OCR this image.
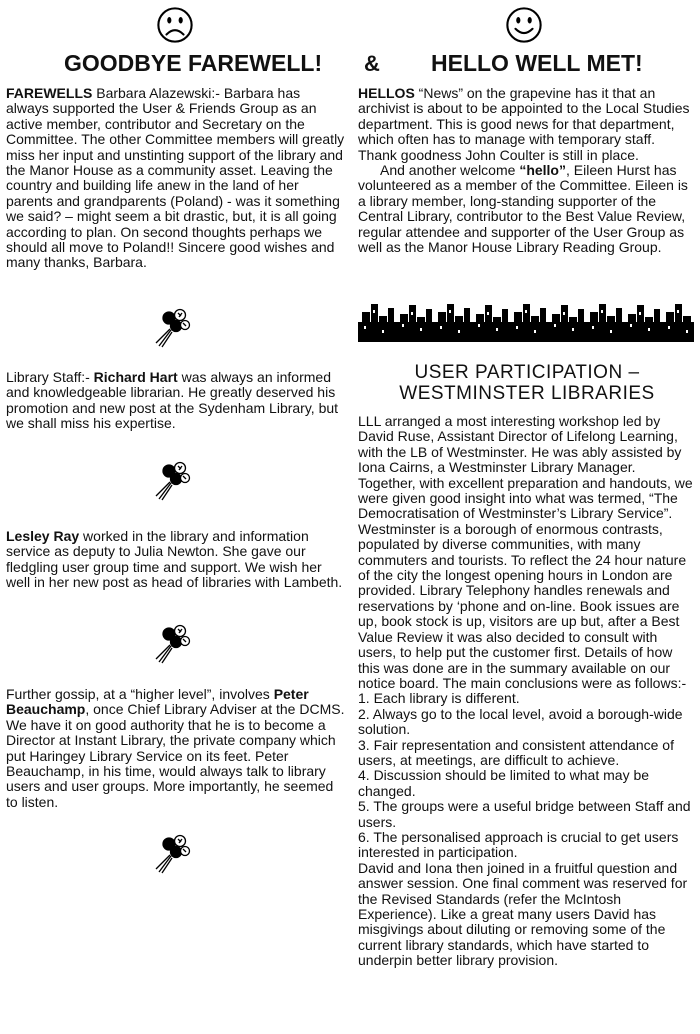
GOODBYE FAREWELL! & HELLO WELL MET!

FAREWELLS Barbara Alazewski:- Barbara has always supported the User & Friends Group as an active member, contributor and Secretary on the Committee. The other Committee members will greatly miss her input and unstinting support of the library and the Manor House as a community asset. Leaving the country and building life anew in the land of her parents and grandparents (Poland) - was it something we said? – might seem a bit drastic, but, it is all going according to plan. On second thoughts perhaps we should all move to Poland!! Sincere good wishes and many thanks, Barbara.

Library Staff:- Richard Hart was always an informed and knowledgeable librarian. He greatly deserved his promotion and new post at the Sydenham Library, but we shall miss his expertise.

Lesley Ray worked in the library and information service as deputy to Julia Newton. She gave our fledgling user group time and support. We wish her well in her new post as head of libraries with Lambeth.

Further gossip, at a “higher level”, involves Peter Beauchamp, once Chief Library Adviser at the DCMS. We have it on good authority that he is to become a Director at Instant Library, the private company which put Haringey Library Service on its feet. Peter Beauchamp, in his time, would always talk to library users and user groups. More importantly, he seemed to listen.

HELLOS “News” on the grapevine has it that an archivist is about to be appointed to the Local Studies department. This is good news for that department, which often has to manage with temporary staff. Thank goodness John Coulter is still in place.

And another welcome “hello”, Eileen Hurst has volunteered as a member of the Committee. Eileen is a library member, long-standing supporter of the Central Library, contributor to the Best Value Review, regular attendee and supporter of the User Group as well as the Manor House Library Reading Group.

USER PARTICIPATION –
WESTMINSTER LIBRARIES

LLL arranged a most interesting workshop led by David Ruse, Assistant Director of Lifelong Learning, with the LB of Westminster. He was ably assisted by Iona Cairns, a Westminster Library Manager. Together, with excellent preparation and handouts, we were given good insight into what was termed, “The Democratisation of Westminster’s Library Service”. Westminster is a borough of enormous contrasts, populated by diverse communities, with many commuters and tourists. To reflect the 24 hour nature of the city the longest opening hours in London are provided. Library Telephony handles renewals and reservations by ‘phone and on-line. Book issues are up, book stock is up, visitors are up but, after a Best Value Review it was also decided to consult with users, to help put the customer first. Details of how this was done are in the summary available on our notice board. The main conclusions were as follows:-

1. Each library is different.
2. Always go to the local level, avoid a borough-wide solution.
3. Fair representation and consistent attendance of users, at meetings, are difficult to achieve.
4. Discussion should be limited to what may be changed.
5. The groups were a useful bridge between Staff and users.
6. The personalised approach is crucial to get users interested in participation.

David and Iona then joined in a fruitful question and answer session. One final comment was reserved for the Revised Standards (refer the McIntosh Experience). Like a great many users David has misgivings about diluting or removing some of the current library standards, which have started to underpin better library provision.
